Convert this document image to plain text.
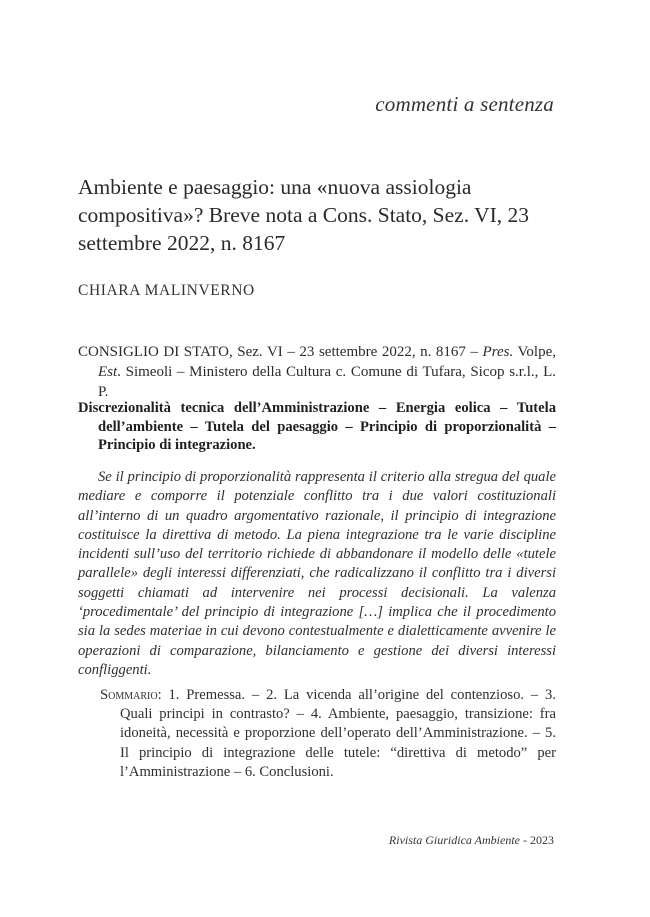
commenti a sentenza
Ambiente e paesaggio: una «nuova assiologia compositiva»? Breve nota a Cons. Stato, Sez. VI, 23 settembre 2022, n. 8167
CHIARA MALINVERNO
CONSIGLIO DI STATO, Sez. VI – 23 settembre 2022, n. 8167 – Pres. Volpe, Est. Simeoli – Ministero della Cultura c. Comune di Tufara, Sicop s.r.l., L. P.
Discrezionalità tecnica dell’Amministrazione – Energia eolica – Tutela dell’ambiente – Tutela del paesaggio – Principio di proporzionalità – Principio di integrazione.
Se il principio di proporzionalità rappresenta il criterio alla stregua del quale mediare e comporre il potenziale conflitto tra i due valori costituzionali all’interno di un quadro argomentativo razionale, il principio di integrazione costituisce la direttiva di metodo. La piena integrazione tra le varie discipline incidenti sull’uso del territorio richiede di abbandonare il modello delle «tutele parallele» degli interessi differenziati, che radicalizzano il conflitto tra i diversi soggetti chiamati ad intervenire nei processi decisionali. La valenza ‘procedimentale’ del principio di integrazione […] implica che il procedimento sia la sedes materiae in cui devono contestualmente e dialetticamente avvenire le operazioni di comparazione, bilanciamento e gestione dei diversi interessi confliggenti.
Sommario: 1. Premessa. – 2. La vicenda all’origine del contenzioso. – 3. Quali principi in contrasto? – 4. Ambiente, paesaggio, transizione: fra idoneità, necessità e proporzione dell’operato dell’Amministrazione. – 5. Il principio di integrazione delle tutele: “direttiva di metodo” per l’Amministrazione – 6. Conclusioni.
Rivista Giuridica Ambiente - 2023
